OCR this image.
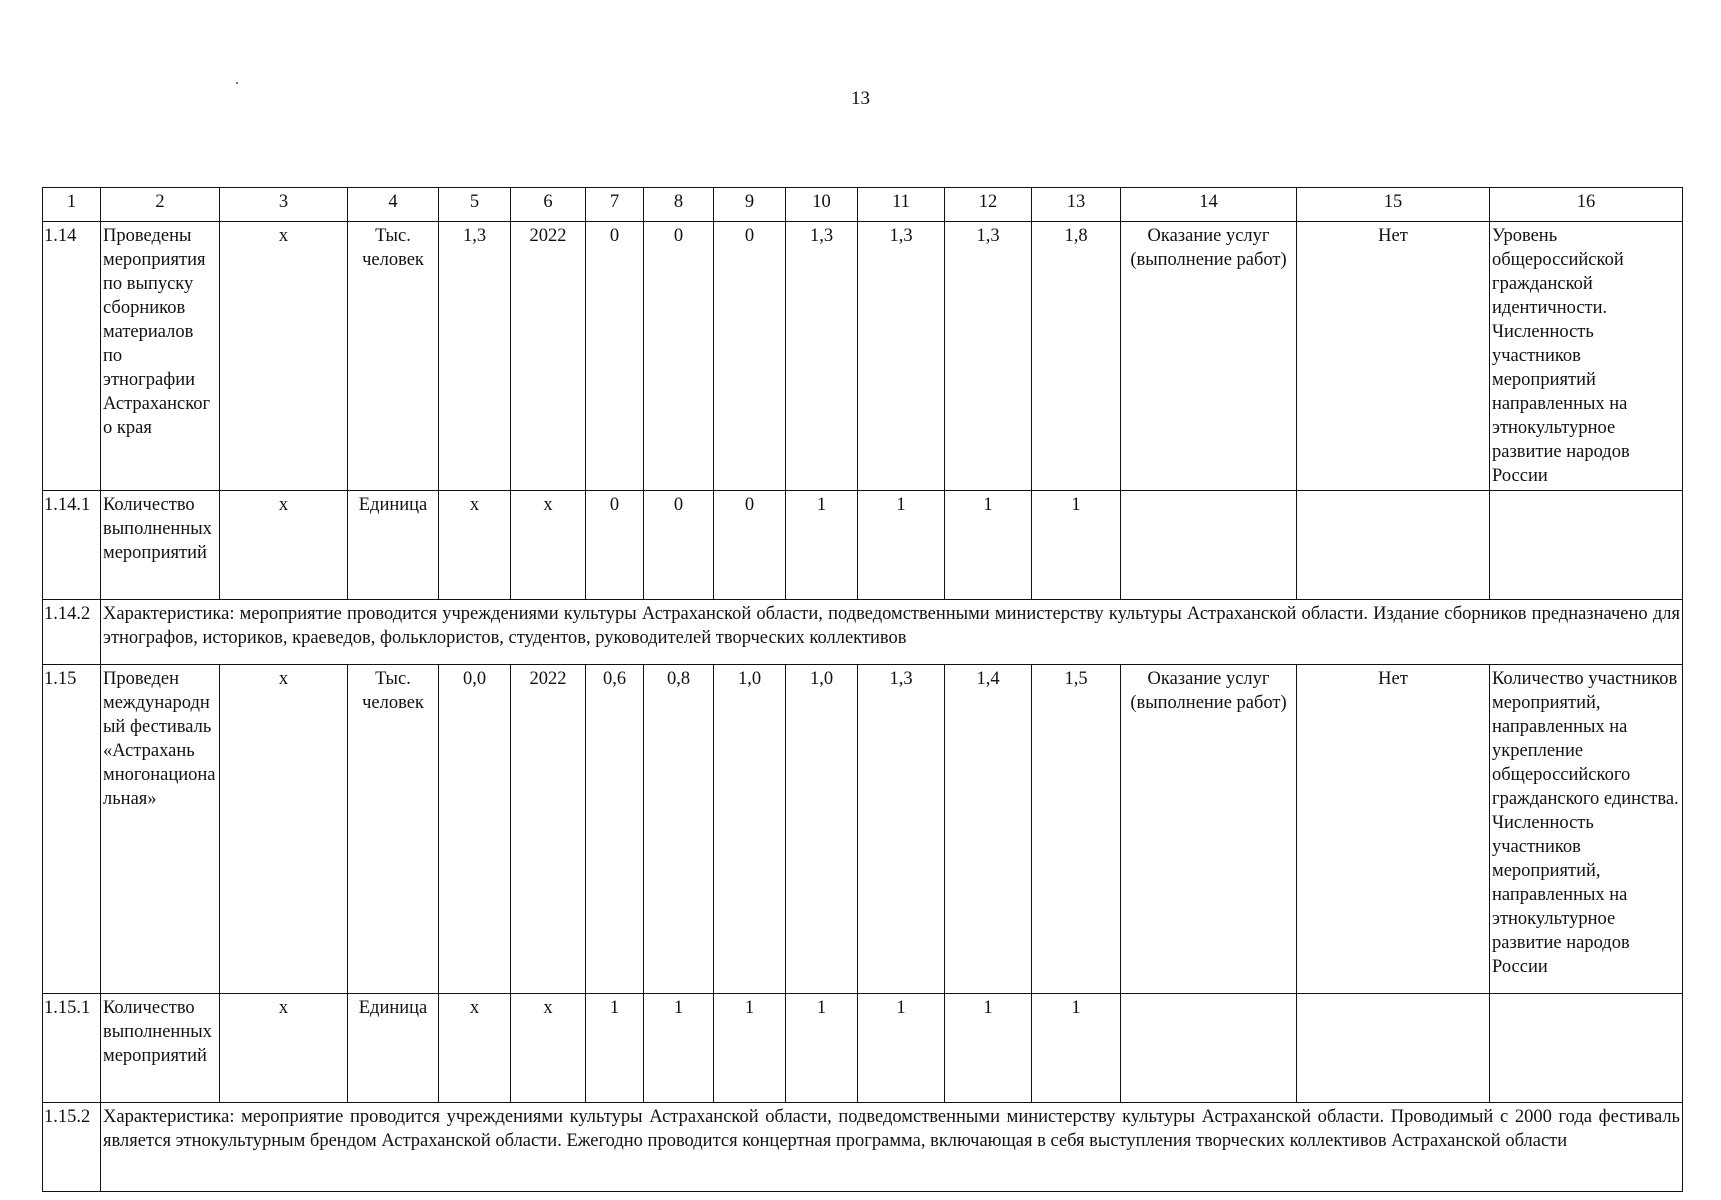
13
1	2	3	4	5	6	7	8	9	10	11	12	13	14	15	16
1.14	Проведены мероприятия по выпуску сборников материалов по этнографии Астраханского края	x	Тыс. человек	1,3	2022	0	0	0	1,3	1,3	1,3	1,8	Оказание услуг (выполнение работ)	Нет	Уровень общероссийской гражданской идентичности. Численность участников мероприятий направленных на этнокультурное развитие народов России
1.14.1	Количество выполненных мероприятий	x	Единица	x	x	0	0	0	1	1	1	1			
1.14.2	Характеристика: мероприятие проводится учреждениями культуры Астраханской области, подведомственными министерству культуры Астраханской области. Издание сборников предназначено для этнографов, историков, краеведов, фольклористов, студентов, руководителей творческих коллективов														
1.15	Проведен международный фестиваль «Астрахань многонациональная»	x	Тыс. человек	0,0	2022	0,6	0,8	1,0	1,0	1,3	1,4	1,5	Оказание услуг (выполнение работ)	Нет	Количество участников мероприятий, направленных на укрепление общероссийского гражданского единства. Численность участников мероприятий, направленных на этнокультурное развитие народов России
1.15.1	Количество выполненных мероприятий	x	Единица	x	x	1	1	1	1	1	1	1			
1.15.2	Характеристика: мероприятие проводится учреждениями культуры Астраханской области, подведомственными министерству культуры Астраханской области. Проводимый с 2000 года фестиваль является этнокультурным брендом Астраханской области. Ежегодно проводится концертная программа, включающая в себя выступления творческих коллективов Астраханской области														
